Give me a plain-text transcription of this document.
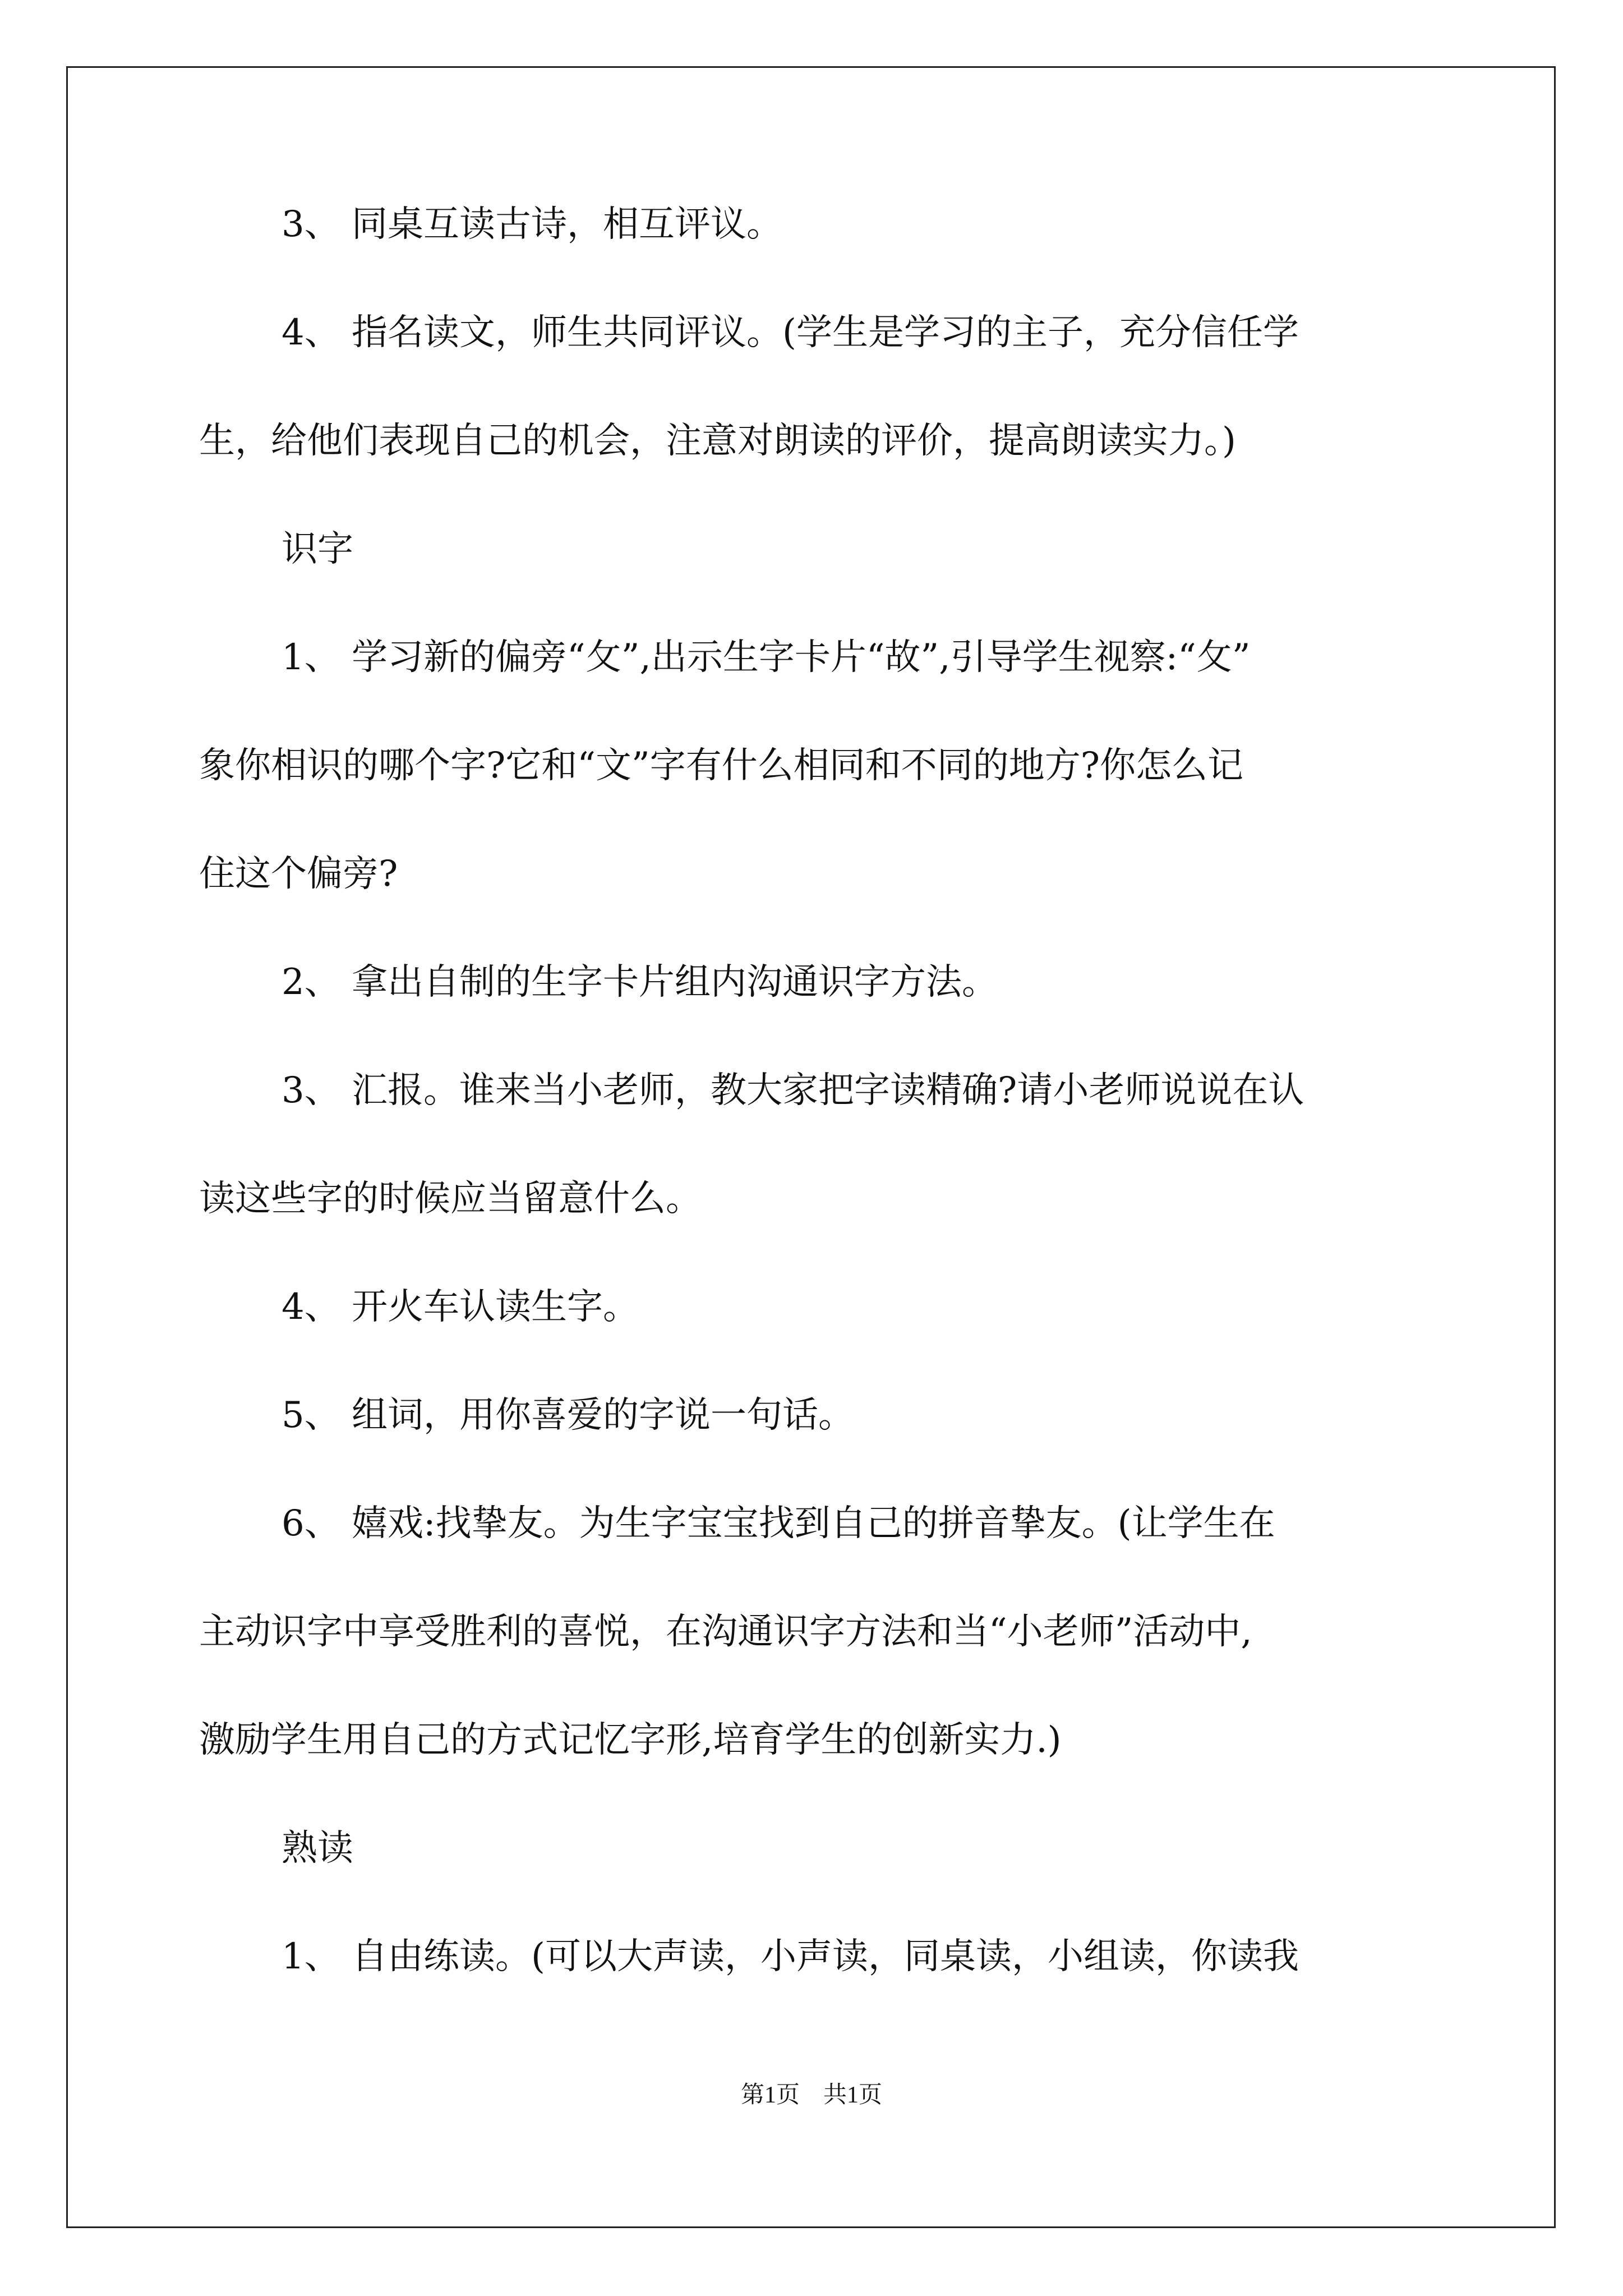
3、 同桌互读古诗，相互评议。
4、 指名读文，师生共同评议。(学生是学习的主子，充分信任学
生，给他们表现自己的机会，注意对朗读的评价，提高朗读实力。)
识字
1、 学习新的偏旁“攵”,出示生字卡片“故”,引导学生视察:“攵”
象你相识的哪个字?它和“文”字有什么相同和不同的地方?你怎么记
住这个偏旁?
2、 拿出自制的生字卡片组内沟通识字方法。
3、 汇报。谁来当小老师，教大家把字读精确?请小老师说说在认
读这些字的时候应当留意什么。
4、 开火车认读生字。
5、 组词，用你喜爱的字说一句话。
6、 嬉戏:找挚友。为生字宝宝找到自己的拼音挚友。(让学生在
主动识字中享受胜利的喜悦，在沟通识字方法和当“小老师”活动中,
激励学生用自己的方式记忆字形,培育学生的创新实力.)
熟读
1、 自由练读。(可以大声读，小声读，同桌读，小组读，你读我
第1页　共1页
